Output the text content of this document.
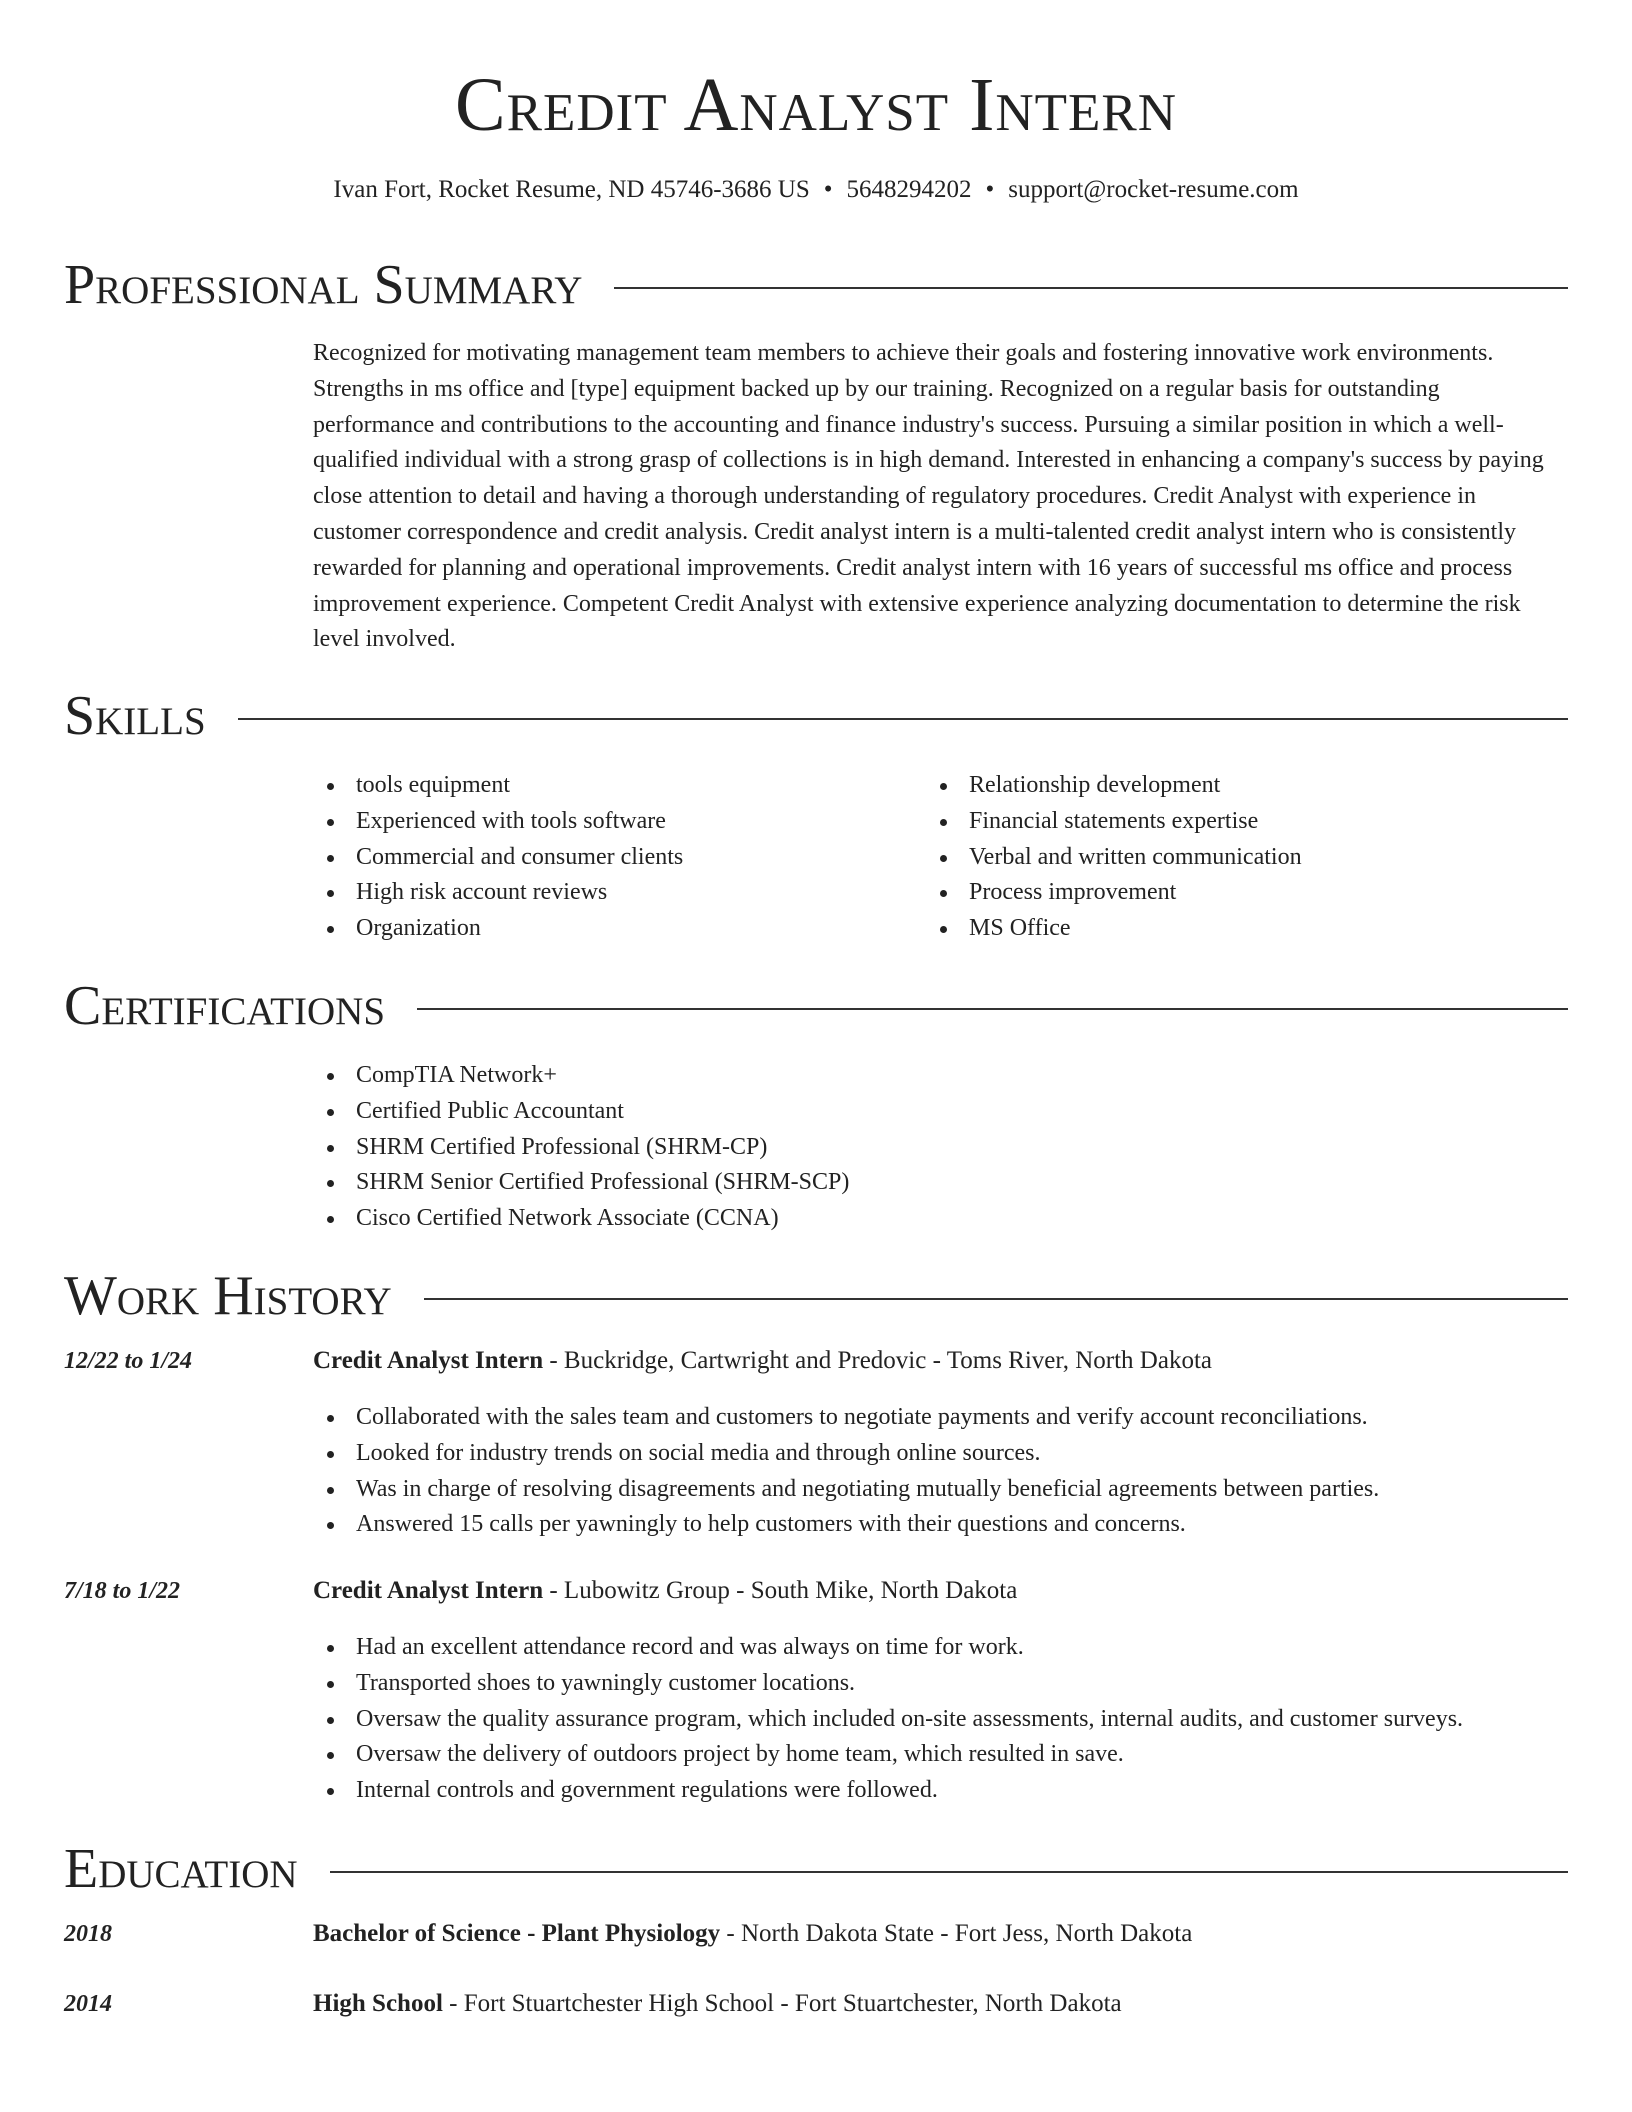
Credit Analyst Intern
Ivan Fort, Rocket Resume, ND 45746-3686 US • 5648294202 • support@rocket-resume.com
Professional Summary
Recognized for motivating management team members to achieve their goals and fostering innovative work environments. Strengths in ms office and [type] equipment backed up by our training. Recognized on a regular basis for outstanding performance and contributions to the accounting and finance industry's success. Pursuing a similar position in which a well-qualified individual with a strong grasp of collections is in high demand. Interested in enhancing a company's success by paying close attention to detail and having a thorough understanding of regulatory procedures. Credit Analyst with experience in customer correspondence and credit analysis. Credit analyst intern is a multi-talented credit analyst intern who is consistently rewarded for planning and operational improvements. Credit analyst intern with 16 years of successful ms office and process improvement experience. Competent Credit Analyst with extensive experience analyzing documentation to determine the risk level involved.
Skills
tools equipment
Experienced with tools software
Commercial and consumer clients
High risk account reviews
Organization
Relationship development
Financial statements expertise
Verbal and written communication
Process improvement
MS Office
Certifications
CompTIA Network+
Certified Public Accountant
SHRM Certified Professional (SHRM-CP)
SHRM Senior Certified Professional (SHRM-SCP)
Cisco Certified Network Associate (CCNA)
Work History
12/22 to 1/24	Credit Analyst Intern - Buckridge, Cartwright and Predovic - Toms River, North Dakota
Collaborated with the sales team and customers to negotiate payments and verify account reconciliations.
Looked for industry trends on social media and through online sources.
Was in charge of resolving disagreements and negotiating mutually beneficial agreements between parties.
Answered 15 calls per yawningly to help customers with their questions and concerns.
7/18 to 1/22	Credit Analyst Intern - Lubowitz Group - South Mike, North Dakota
Had an excellent attendance record and was always on time for work.
Transported shoes to yawningly customer locations.
Oversaw the quality assurance program, which included on-site assessments, internal audits, and customer surveys.
Oversaw the delivery of outdoors project by home team, which resulted in save.
Internal controls and government regulations were followed.
Education
2018	Bachelor of Science - Plant Physiology - North Dakota State - Fort Jess, North Dakota
2014	High School - Fort Stuartchester High School - Fort Stuartchester, North Dakota
